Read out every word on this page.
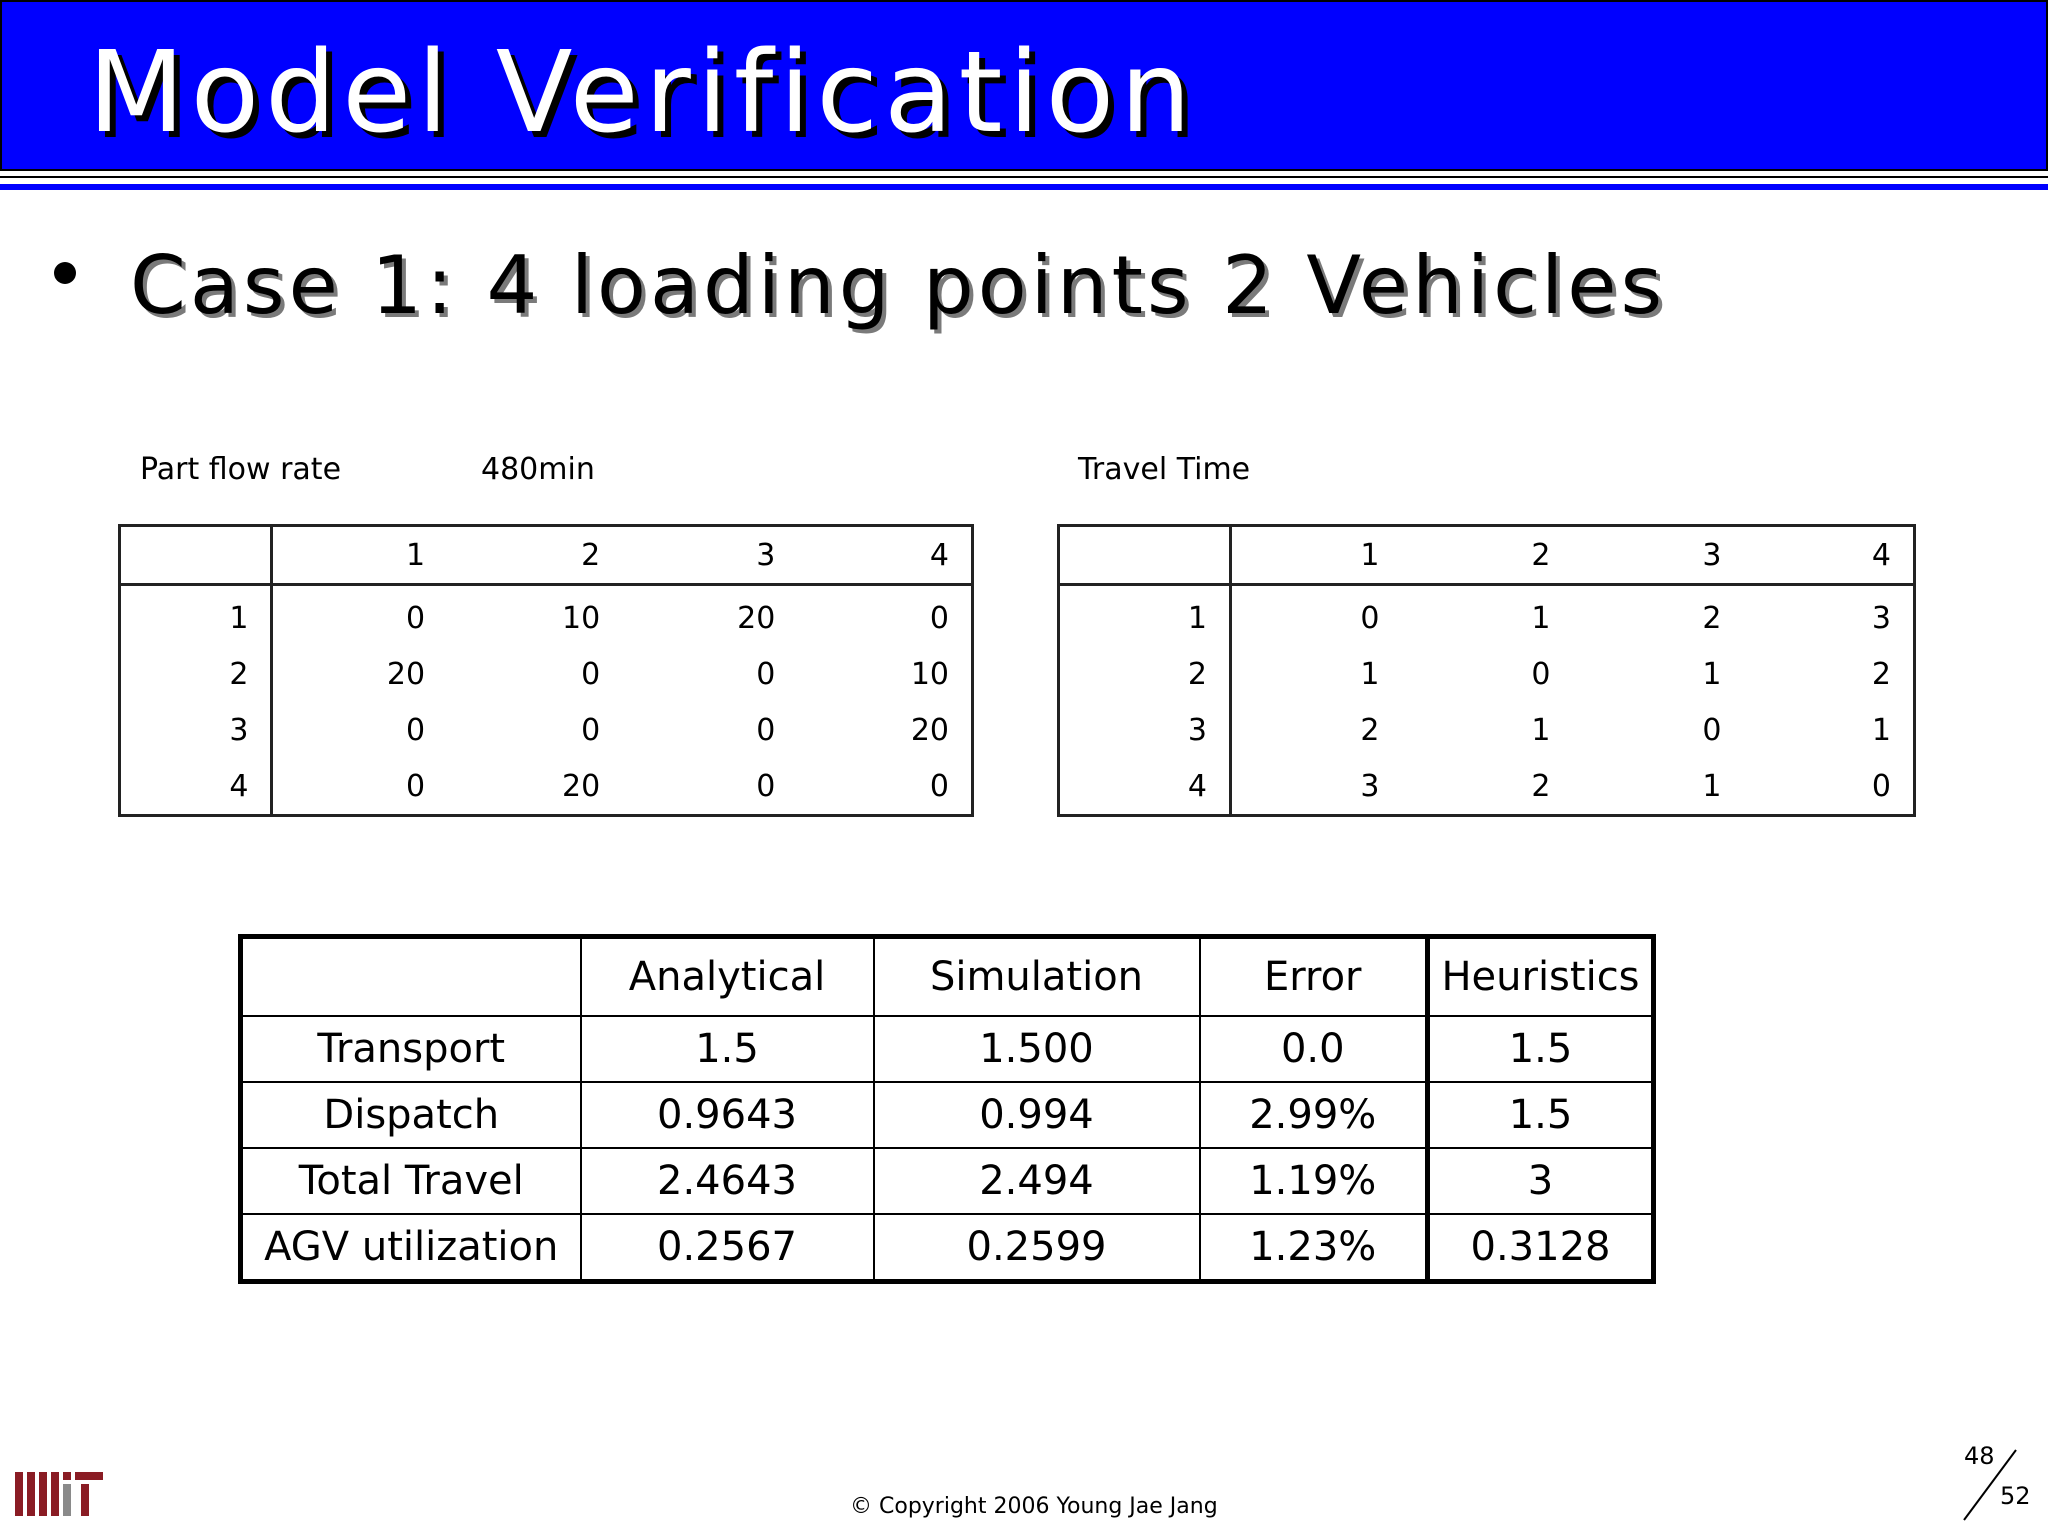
Model Verification
Case 1: 4 loading points 2 Vehicles
Part flow rate	480min
	1	2	3	4
1	0	10	20	0
2	20	0	0	10
3	0	0	0	20
4	0	20	0	0
Travel Time
	1	2	3	4
1	0	1	2	3
2	1	0	1	2
3	2	1	0	1
4	3	2	1	0
	Analytical	Simulation	Error	Heuristics
Transport	1.5	1.500	0.0	1.5
Dispatch	0.9643	0.994	2.99%	1.5
Total Travel	2.4643	2.494	1.19%	3
AGV utilization	0.2567	0.2599	1.23%	0.3128
© Copyright 2006 Young Jae Jang
48
52
